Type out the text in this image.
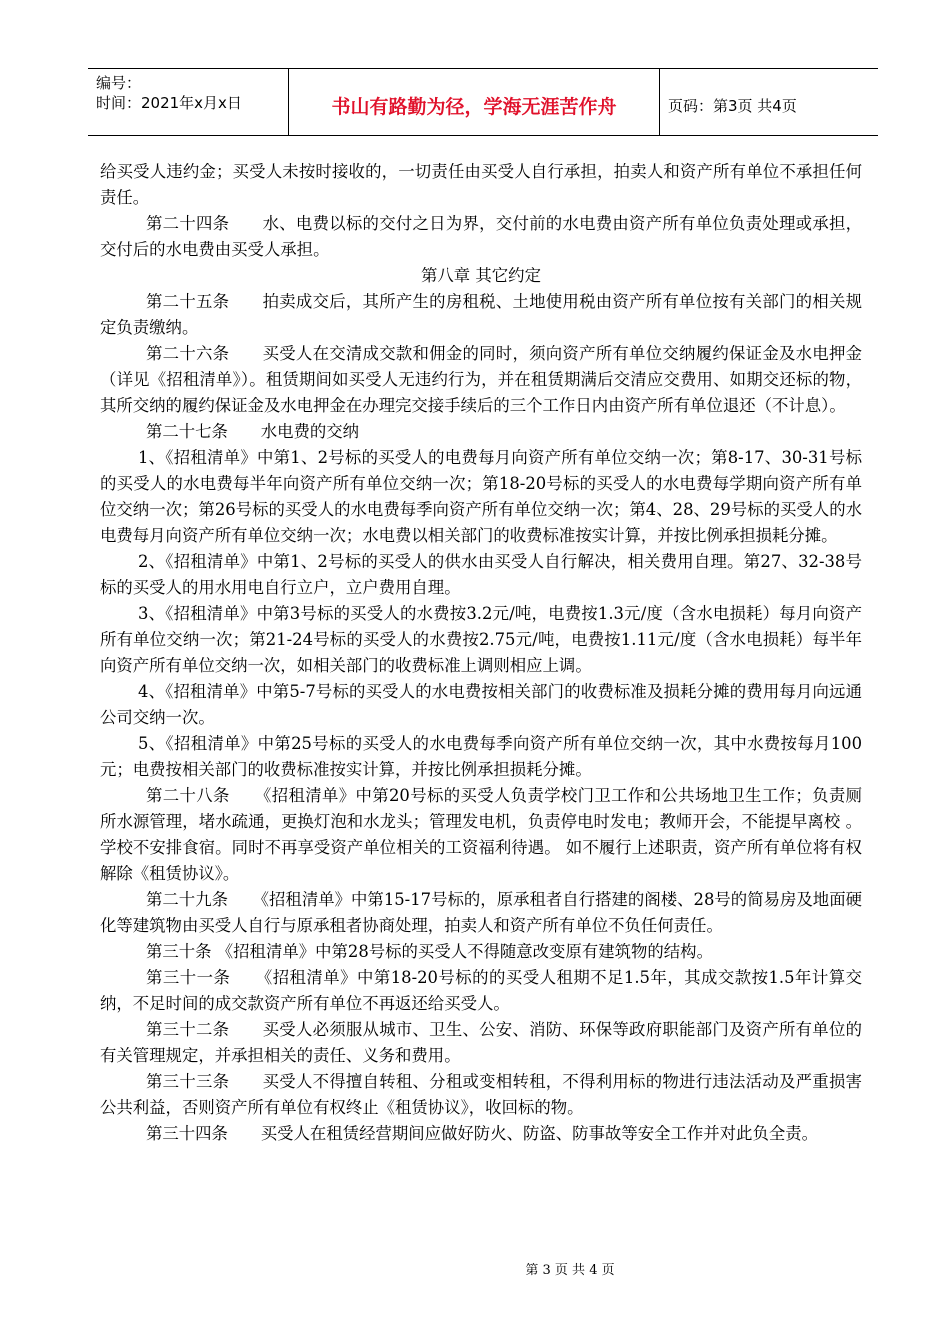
编号：
时间：2021年x月x日	书山有路勤为径，学海无涯苦作舟	页码：第3页 共4页

给买受人违约金；买受人未按时接收的，一切责任由买受人自行承担，拍卖人和资产所有单位不承担任何责任。

第二十四条　　水、电费以标的交付之日为界，交付前的水电费由资产所有单位负责处理或承担，交付后的水电费由买受人承担。

第八章 其它约定

第二十五条　　拍卖成交后，其所产生的房租税、土地使用税由资产所有单位按有关部门的相关规定负责缴纳。

第二十六条　　买受人在交清成交款和佣金的同时，须向资产所有单位交纳履约保证金及水电押金（详见《招租清单》）。租赁期间如买受人无违约行为，并在租赁期满后交清应交费用、如期交还标的物，其所交纳的履约保证金及水电押金在办理完交接手续后的三个工作日内由资产所有单位退还（不计息）。

第二十七条　　水电费的交纳

1、《招租清单》中第1、2号标的买受人的电费每月向资产所有单位交纳一次；第8-17、30-31号标的买受人的水电费每半年向资产所有单位交纳一次；第18-20号标的买受人的水电费每学期向资产所有单位交纳一次；第26号标的买受人的水电费每季向资产所有单位交纳一次；第4、28、29号标的买受人的水电费每月向资产所有单位交纳一次；水电费以相关部门的收费标准按实计算，并按比例承担损耗分摊。

2、《招租清单》中第1、2号标的买受人的供水由买受人自行解决，相关费用自理。第27、32-38号标的买受人的用水用电自行立户，立户费用自理。

3、《招租清单》中第3号标的买受人的水费按3.2元/吨，电费按1.3元/度（含水电损耗）每月向资产所有单位交纳一次；第21-24号标的买受人的水费按2.75元/吨，电费按1.11元/度（含水电损耗）每半年向资产所有单位交纳一次，如相关部门的收费标准上调则相应上调。

4、《招租清单》中第5-7号标的买受人的水电费按相关部门的收费标准及损耗分摊的费用每月向远通公司交纳一次。

5、《招租清单》中第25号标的买受人的水电费每季向资产所有单位交纳一次，其中水费按每月100元；电费按相关部门的收费标准按实计算，并按比例承担损耗分摊。

第二十八条　　《招租清单》中第20号标的买受人负责学校门卫工作和公共场地卫生工作；负责厕所水源管理，堵水疏通，更换灯泡和水龙头；管理发电机，负责停电时发电；教师开会，不能提早离校 。学校不安排食宿。同时不再享受资产单位相关的工资福利待遇。 如不履行上述职责，资产所有单位将有权解除《租赁协议》。

第二十九条　　《招租清单》中第15-17号标的，原承租者自行搭建的阁楼、28号的简易房及地面硬化等建筑物由买受人自行与原承租者协商处理，拍卖人和资产所有单位不负任何责任。

第三十条 《招租清单》中第28号标的买受人不得随意改变原有建筑物的结构。

第三十一条　　《招租清单》中第18-20号标的的买受人租期不足1.5年，其成交款按1.5年计算交纳，不足时间的成交款资产所有单位不再返还给买受人。

第三十二条　　买受人必须服从城市、卫生、公安、消防、环保等政府职能部门及资产所有单位的有关管理规定，并承担相关的责任、义务和费用。

第三十三条　　买受人不得擅自转租、分租或变相转租，不得利用标的物进行违法活动及严重损害公共利益，否则资产所有单位有权终止《租赁协议》，收回标的物。

第三十四条　　买受人在租赁经营期间应做好防火、防盗、防事故等安全工作并对此负全责。

第 3 页 共 4 页
